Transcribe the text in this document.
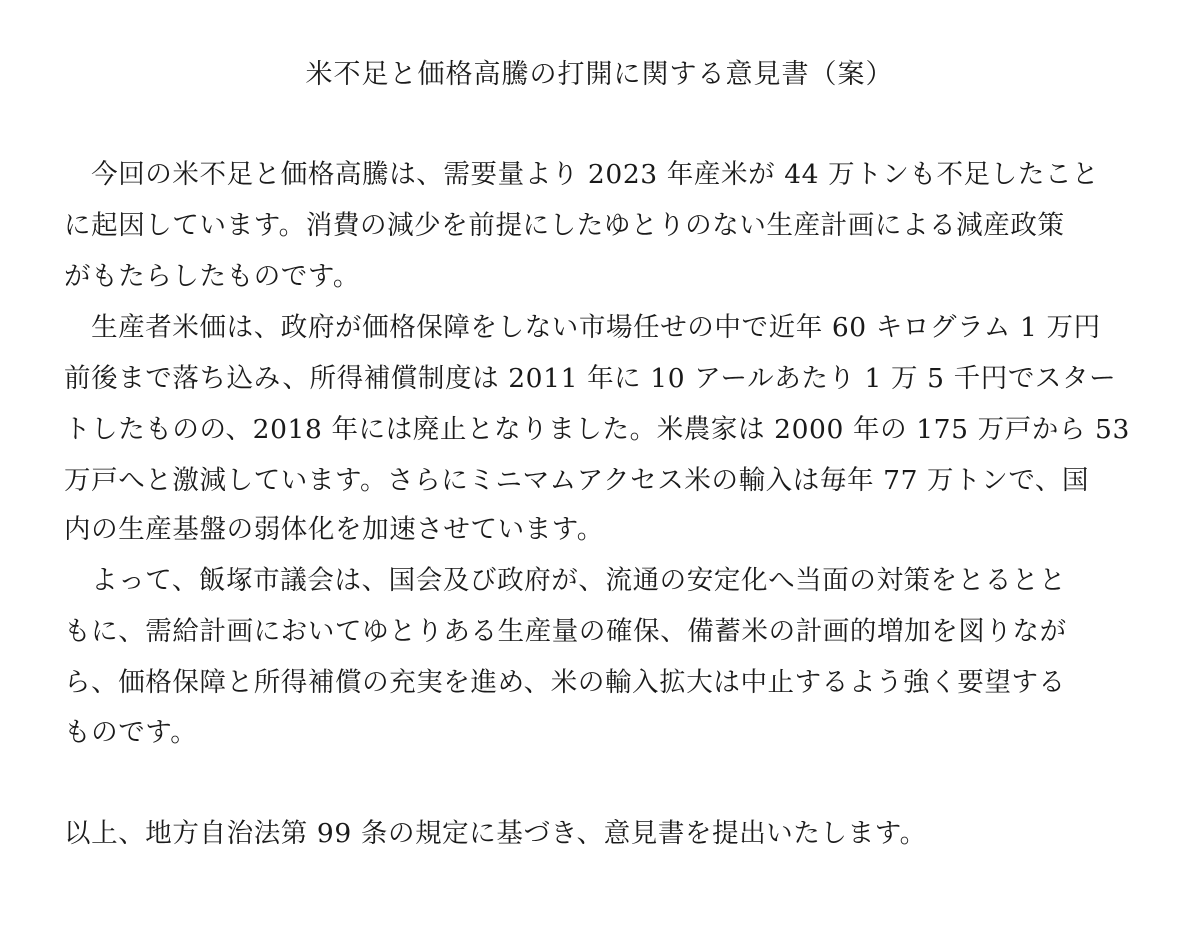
米不足と価格高騰の打開に関する意見書（案）
　今回の米不足と価格高騰は、需要量より 2023 年産米が 44 万トンも不足したこと
に起因しています。消費の減少を前提にしたゆとりのない生産計画による減産政策
がもたらしたものです。
　生産者米価は、政府が価格保障をしない市場任せの中で近年 60 キログラム 1 万円
前後まで落ち込み、所得補償制度は 2011 年に 10 アールあたり 1 万 5 千円でスター
トしたものの、2018 年には廃止となりました。米農家は 2000 年の 175 万戸から 53
万戸へと激減しています。さらにミニマムアクセス米の輸入は毎年 77 万トンで、国
内の生産基盤の弱体化を加速させています。
　よって、飯塚市議会は、国会及び政府が、流通の安定化へ当面の対策をとるとと
もに、需給計画においてゆとりある生産量の確保、備蓄米の計画的増加を図りなが
ら、価格保障と所得補償の充実を進め、米の輸入拡大は中止するよう強く要望する
ものです。
以上、地方自治法第 99 条の規定に基づき、意見書を提出いたします。
